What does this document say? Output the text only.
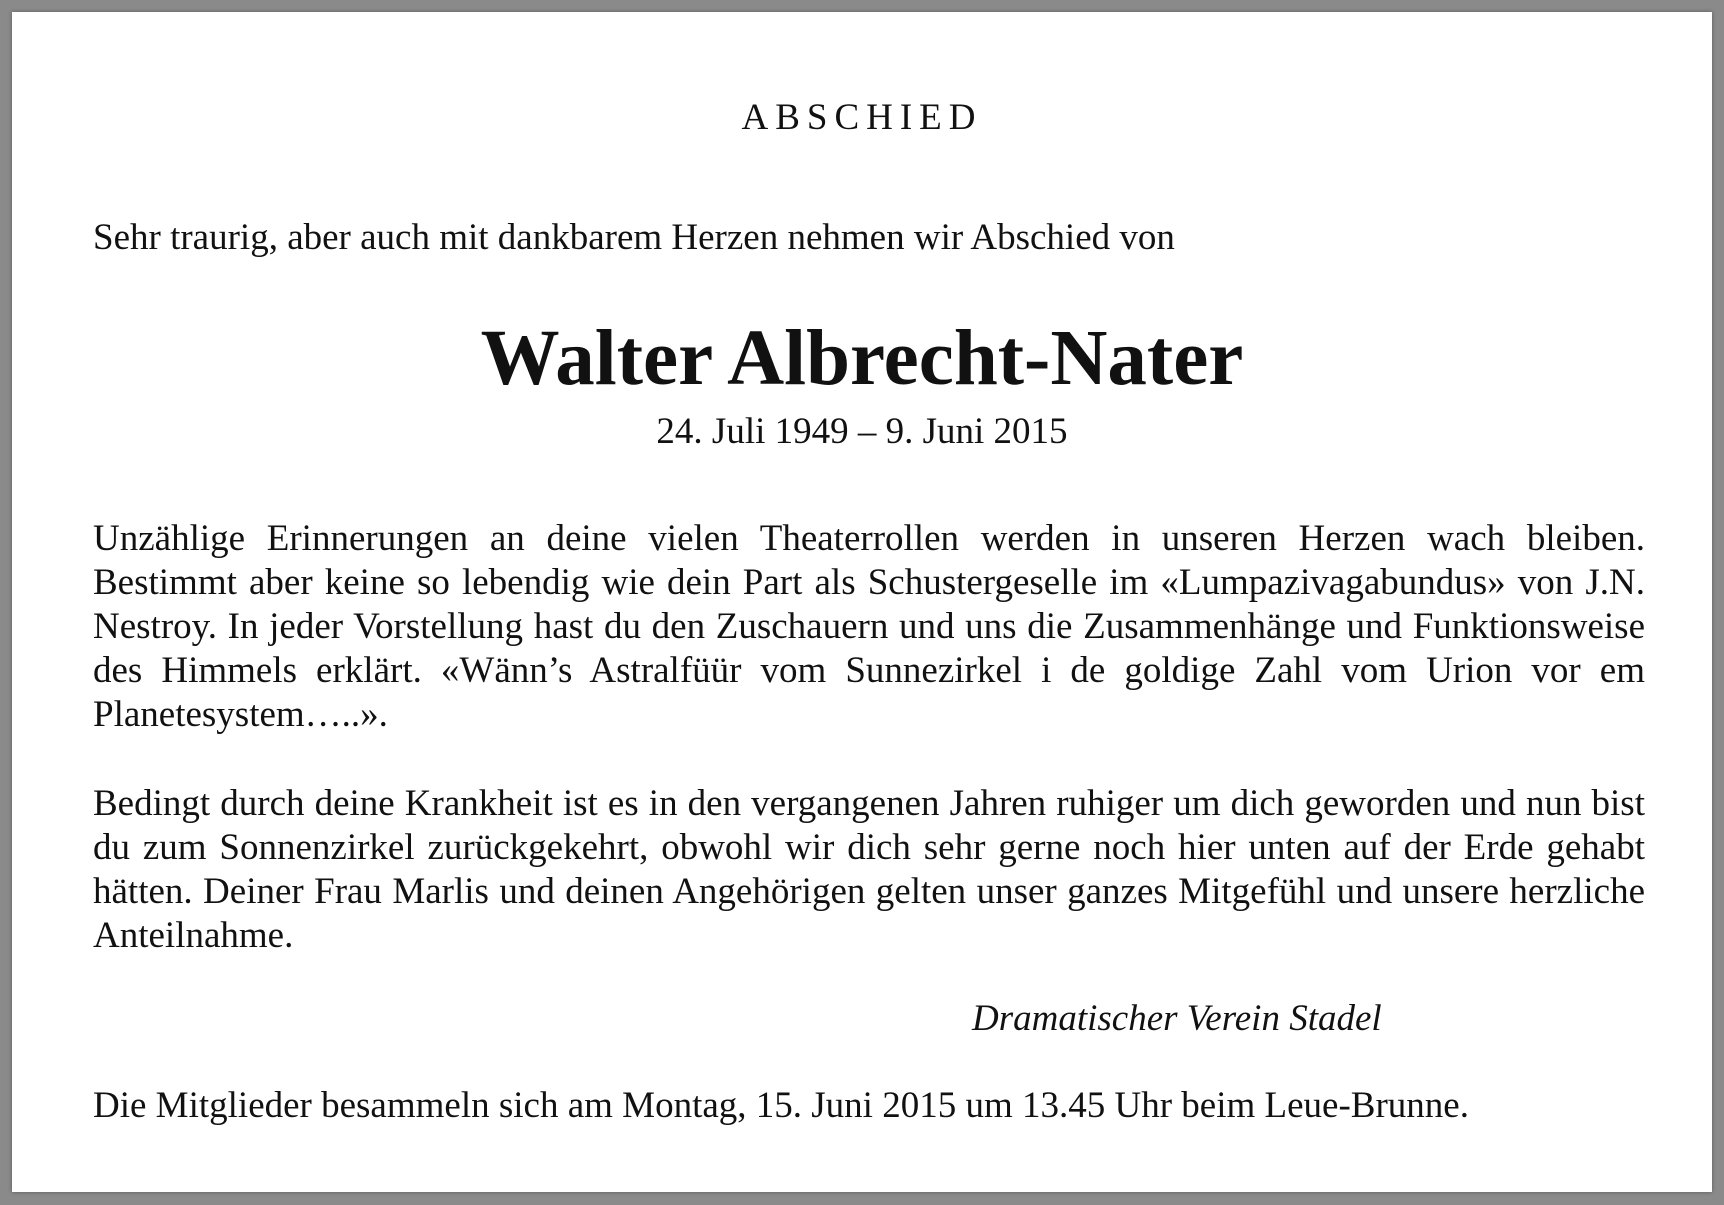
ABSCHIED
Sehr traurig, aber auch mit dankbarem Herzen nehmen wir Abschied von
Walter Albrecht-Nater
24. Juli 1949 – 9. Juni 2015
Unzählige Erinnerungen an deine vielen Theaterrollen werden in unseren Herzen wach bleiben. Bestimmt aber keine so lebendig wie dein Part als Schustergeselle im «Lumpazivagabundus» von J.N. Nestroy. In jeder Vorstellung hast du den Zuschauern und uns die Zusammenhänge und Funktionsweise des Himmels erklärt. «Wänn’s Astralfüür vom Sunnezirkel i de goldige Zahl vom Urion vor em Planetesystem…..».
Bedingt durch deine Krankheit ist es in den vergangenen Jahren ruhiger um dich geworden und nun bist du zum Sonnenzirkel zurückgekehrt, obwohl wir dich sehr gerne noch hier unten auf der Erde gehabt hätten. Deiner Frau Marlis und deinen Angehörigen gelten unser ganzes Mitgefühl und unsere herzliche Anteilnahme.
Dramatischer Verein Stadel
Die Mitglieder besammeln sich am Montag, 15. Juni 2015 um 13.45 Uhr beim Leue-Brunne.
